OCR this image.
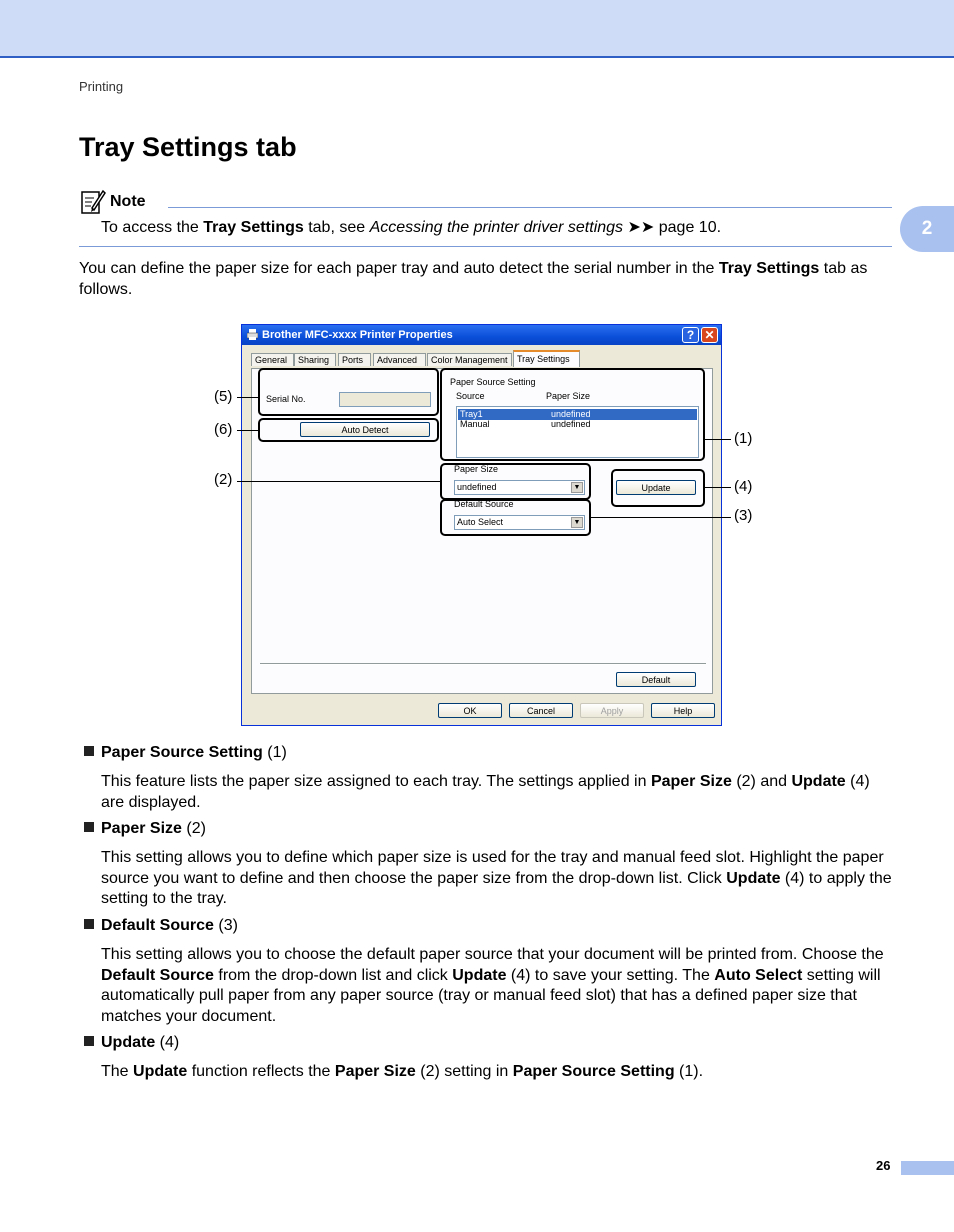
Printing
2
Tray Settings tab
Note
To access the Tray Settings tab, see Accessing the printer driver settings ➤➤ page 10.
You can define the paper size for each paper tray and auto detect the serial number in the Tray Settings tab as follows.
Brother MFC-xxxx Printer Properties	? ✕
General	Sharing	Ports	Advanced	Color Management	Tray Settings
Serial No.
Auto Detect
Paper Source Setting
Source	Paper Size
Tray1	undefined
Manual	undefined
Paper Size
undefined	▼	Update
Default Source
Auto Select	▼
Default
OK	Cancel	Apply	Help
(5)
(6)
(2)
(1)
(4)
(3)
Paper Source Setting (1)
This feature lists the paper size assigned to each tray. The settings applied in Paper Size (2) and Update (4) are displayed.
Paper Size (2)
This setting allows you to define which paper size is used for the tray and manual feed slot. Highlight the paper source you want to define and then choose the paper size from the drop-down list. Click Update (4) to apply the setting to the tray.
Default Source (3)
This setting allows you to choose the default paper source that your document will be printed from. Choose the Default Source from the drop-down list and click Update (4) to save your setting. The Auto Select setting will automatically pull paper from any paper source (tray or manual feed slot) that has a defined paper size that matches your document.
Update (4)
The Update function reflects the Paper Size (2) setting in Paper Source Setting (1).
26
